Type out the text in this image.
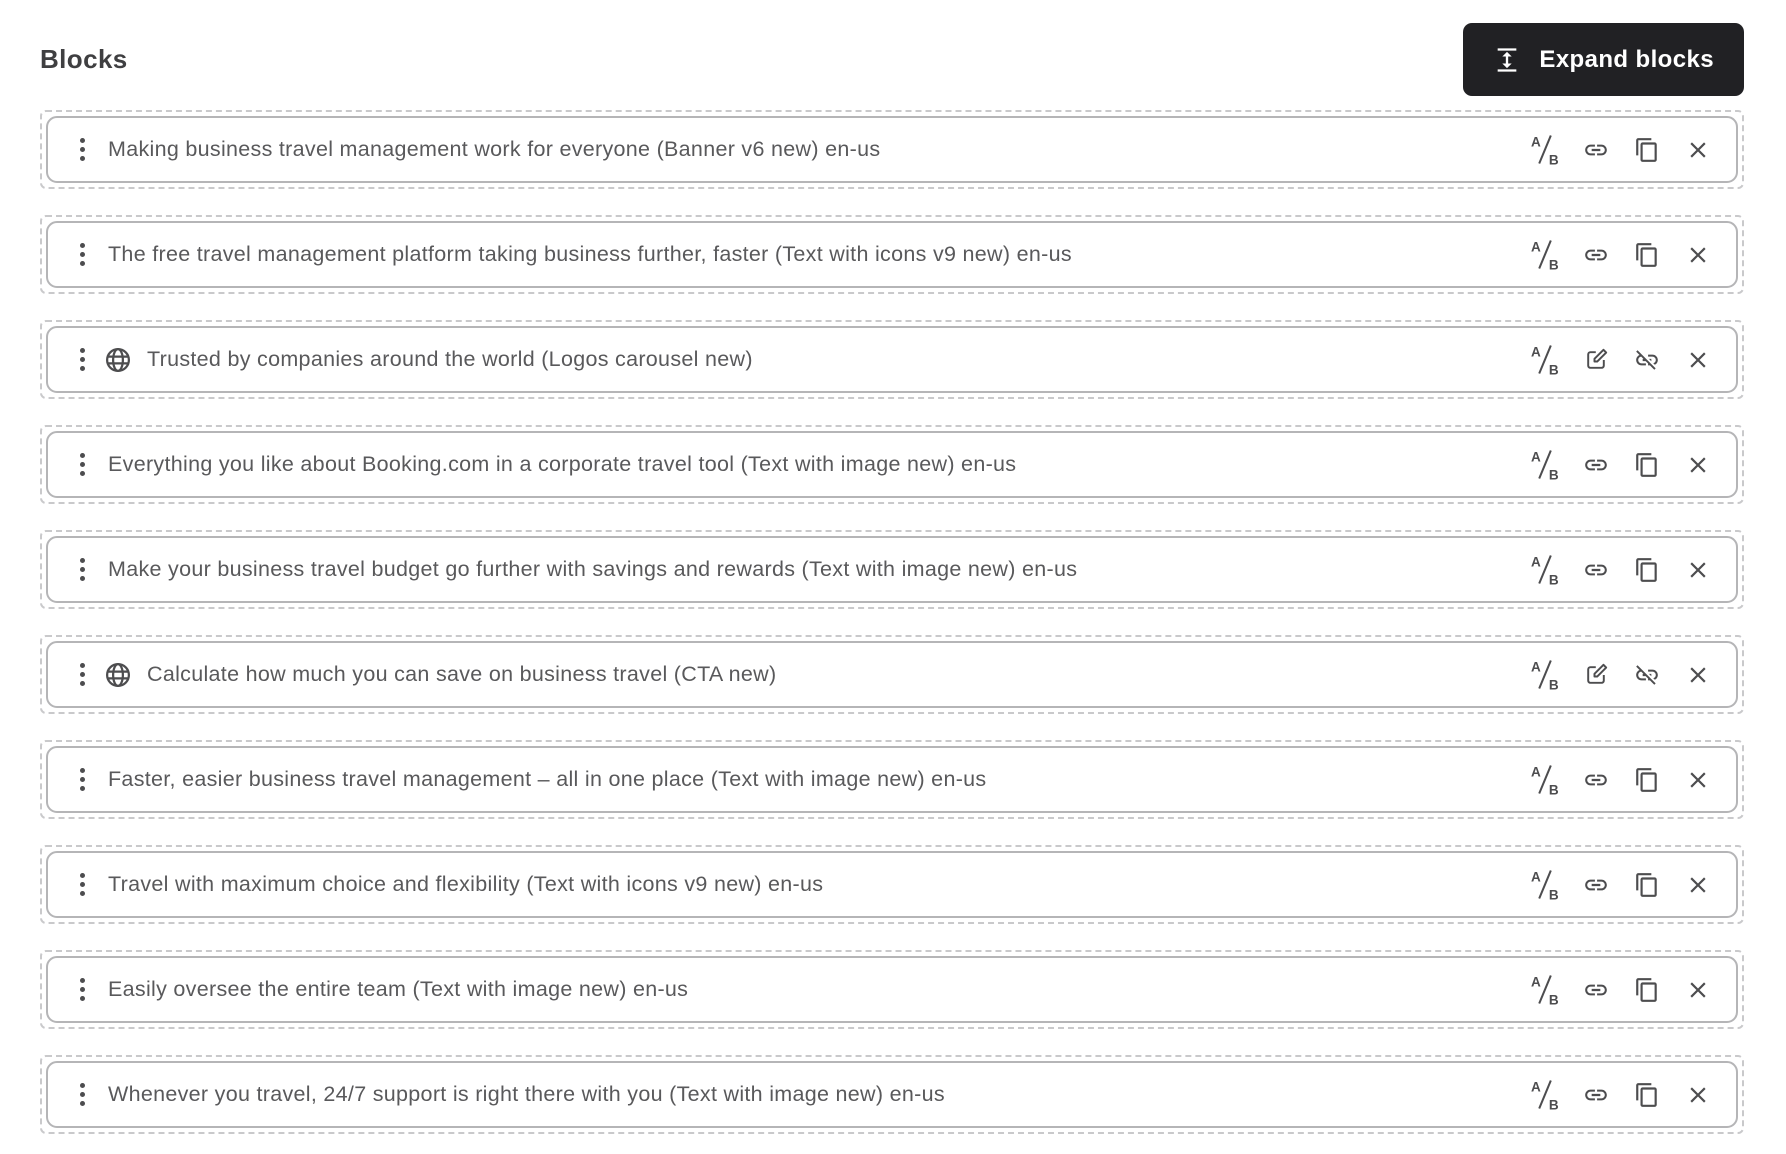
Blocks	Expand blocks
Making business travel management work for everyone (Banner v6 new) en-us	A
B
The free travel management platform taking business further, faster (Text with icons v9 new) en-us	A
B
Trusted by companies around the world (Logos carousel new)	A
B
Everything you like about Booking.com in a corporate travel tool (Text with image new) en-us	A
B
Make your business travel budget go further with savings and rewards (Text with image new) en-us	A
B
Calculate how much you can save on business travel (CTA new)	A
B
Faster, easier business travel management – all in one place (Text with image new) en-us	A
B
Travel with maximum choice and flexibility (Text with icons v9 new) en-us	A
B
Easily oversee the entire team (Text with image new) en-us	A
B
Whenever you travel, 24/7 support is right there with you (Text with image new) en-us	A
B
